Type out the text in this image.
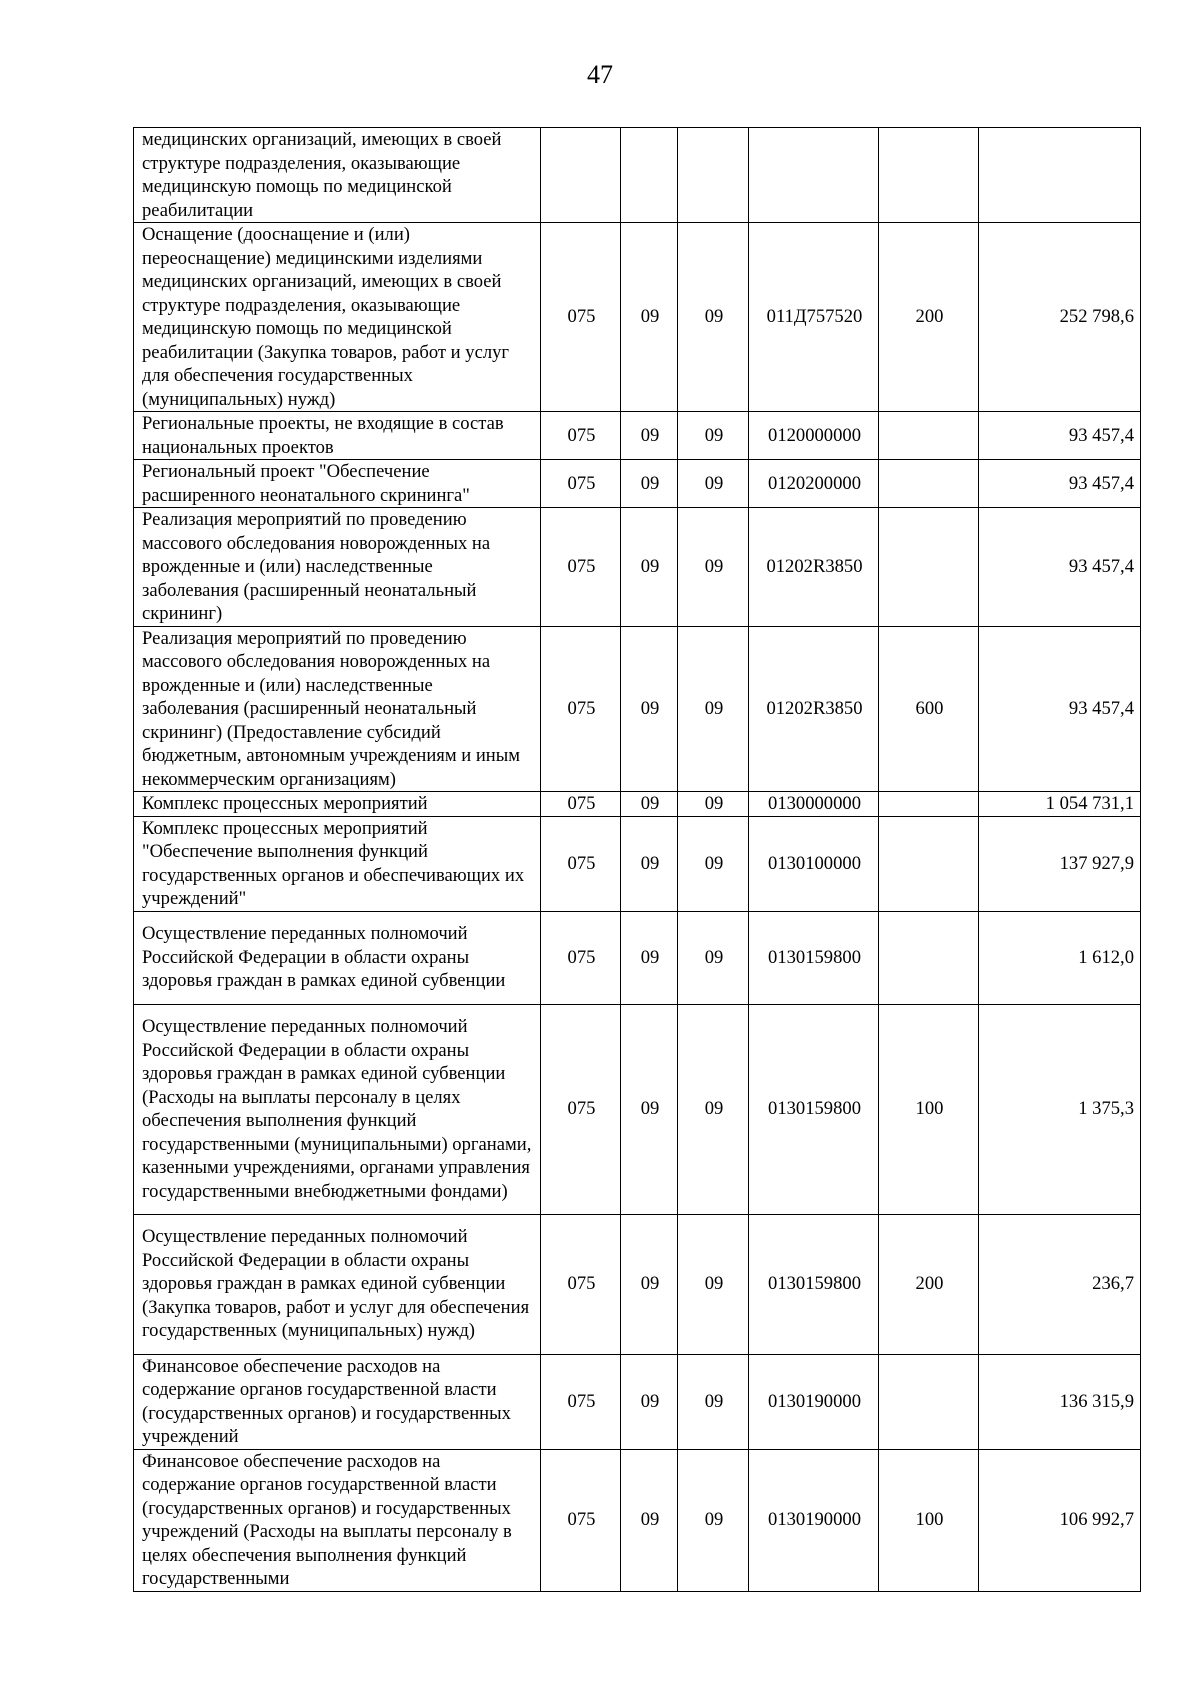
47
медицинских организаций, имеющих в своей структуре подразделения, оказывающие медицинскую помощь по медицинской реабилитации						
Оснащение (дооснащение и (или) переоснащение) медицинскими изделиями медицинских организаций, имеющих в своей структуре подразделения, оказывающие медицинскую помощь по медицинской реабилитации (Закупка товаров, работ и услуг для обеспечения государственных (муниципальных) нужд)	075	09	09	011Д757520	200	252 798,6
Региональные проекты, не входящие в состав национальных проектов	075	09	09	0120000000		93 457,4
Региональный проект "Обеспечение расширенного неонатального скрининга"	075	09	09	0120200000		93 457,4
Реализация мероприятий по проведению массового обследования новорожденных на врожденные и (или) наследственные заболевания (расширенный неонатальный скрининг)	075	09	09	01202R3850		93 457,4
Реализация мероприятий по проведению массового обследования новорожденных на врожденные и (или) наследственные заболевания (расширенный неонатальный скрининг) (Предоставление субсидий бюджетным, автономным учреждениям и иным некоммерческим организациям)	075	09	09	01202R3850	600	93 457,4
Комплекс процессных мероприятий	075	09	09	0130000000		1 054 731,1
Комплекс процессных мероприятий "Обеспечение выполнения функций государственных органов и обеспечивающих их учреждений"	075	09	09	0130100000		137 927,9
Осуществление переданных полномочий Российской Федерации в области охраны здоровья граждан в рамках единой субвенции	075	09	09	0130159800		1 612,0
Осуществление переданных полномочий Российской Федерации в области охраны здоровья граждан в рамках единой субвенции (Расходы на выплаты персоналу в целях обеспечения выполнения функций государственными (муниципальными) органами, казенными учреждениями, органами управления государственными внебюджетными фондами)	075	09	09	0130159800	100	1 375,3
Осуществление переданных полномочий Российской Федерации в области охраны здоровья граждан в рамках единой субвенции (Закупка товаров, работ и услуг для обеспечения государственных (муниципальных) нужд)	075	09	09	0130159800	200	236,7
Финансовое обеспечение расходов на содержание органов государственной власти (государственных органов) и государственных учреждений	075	09	09	0130190000		136 315,9
Финансовое обеспечение расходов на содержание органов государственной власти (государственных органов) и государственных учреждений (Расходы на выплаты персоналу в целях обеспечения выполнения функций государственными	075	09	09	0130190000	100	106 992,7
